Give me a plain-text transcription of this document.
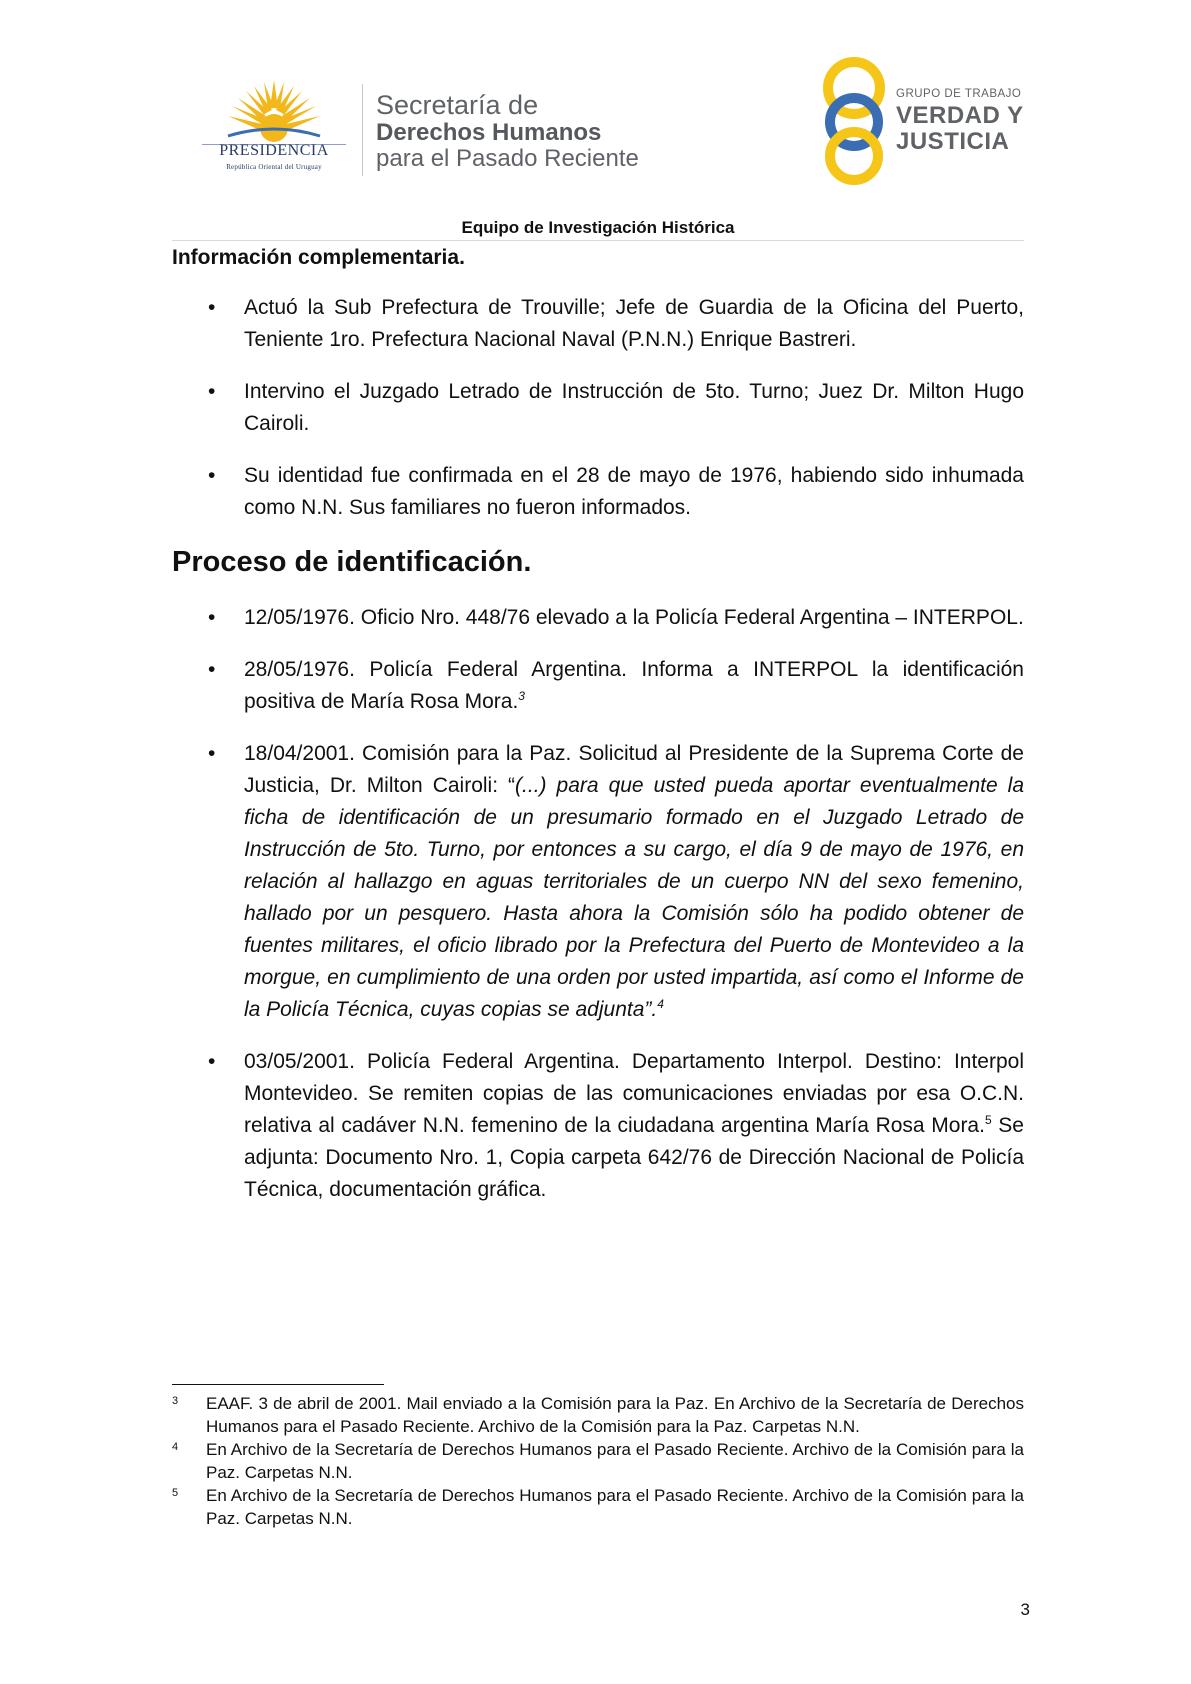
PRESIDENCIA
República Oriental del Uruguay
Secretaría de
Derechos Humanos
para el Pasado Reciente
GRUPO DE TRABAJO
VERDAD Y
JUSTICIA
Equipo de Investigación Histórica
Información complementaria.
• Actuó la Sub Prefectura de Trouville; Jefe de Guardia de la Oficina del Puerto, Teniente 1ro. Prefectura Nacional Naval (P.N.N.) Enrique Bastreri.
• Intervino el Juzgado Letrado de Instrucción de 5to. Turno; Juez Dr. Milton Hugo Cairoli.
• Su identidad fue confirmada en el 28 de mayo de 1976, habiendo sido inhumada como N.N. Sus familiares no fueron informados.
Proceso de identificación.
• 12/05/1976. Oficio Nro. 448/76 elevado a la Policía Federal Argentina – INTERPOL.
• 28/05/1976. Policía Federal Argentina. Informa a INTERPOL la identificación positiva de María Rosa Mora.$^3$
• 18/04/2001. Comisión para la Paz. Solicitud al Presidente de la Suprema Corte de Justicia, Dr. Milton Cairoli: “(...) para que usted pueda aportar eventualmente la ficha de identificación de un presumario formado en el Juzgado Letrado de Instrucción de 5to. Turno, por entonces a su cargo, el día 9 de mayo de 1976, en relación al hallazgo en aguas territoriales de un cuerpo NN del sexo femenino, hallado por un pesquero. Hasta ahora la Comisión sólo ha podido obtener de fuentes militares, el oficio librado por la Prefectura del Puerto de Montevideo a la morgue, en cumplimiento de una orden por usted impartida, así como el Informe de la Policía Técnica, cuyas copias se adjunta”.$^4$
• 03/05/2001. Policía Federal Argentina. Departamento Interpol. Destino: Interpol Montevideo. Se remiten copias de las comunicaciones enviadas por esa O.C.N. relativa al cadáver N.N. femenino de la ciudadana argentina María Rosa Mora.$^5$ Se adjunta: Documento Nro. 1, Copia carpeta 642/76 de Dirección Nacional de Policía Técnica, documentación gráfica.
3 EAAF. 3 de abril de 2001. Mail enviado a la Comisión para la Paz. En Archivo de la Secretaría de Derechos Humanos para el Pasado Reciente. Archivo de la Comisión para la Paz. Carpetas N.N.
4 En Archivo de la Secretaría de Derechos Humanos para el Pasado Reciente. Archivo de la Comisión para la Paz. Carpetas N.N.
5 En Archivo de la Secretaría de Derechos Humanos para el Pasado Reciente. Archivo de la Comisión para la Paz. Carpetas N.N.
3
